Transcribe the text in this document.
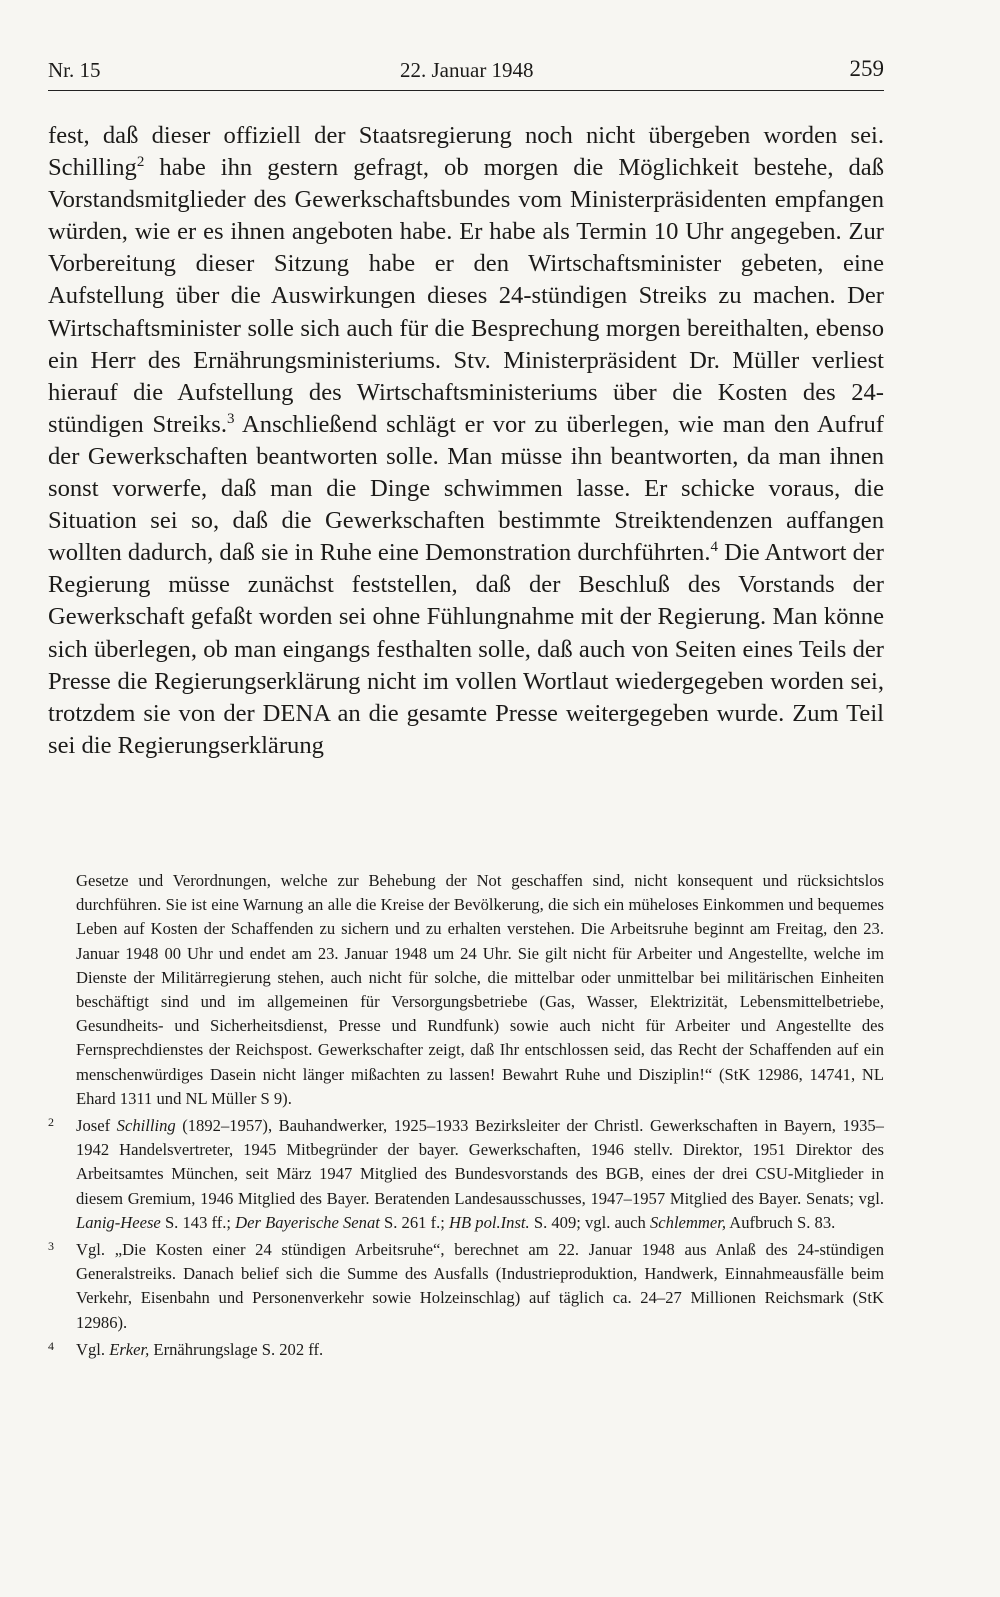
Nr. 15	22. Januar 1948	259

fest, daß dieser offiziell der Staatsregierung noch nicht übergeben worden sei. Schilling$^2$ habe ihn gestern gefragt, ob morgen die Möglichkeit bestehe, daß Vorstandsmitglieder des Gewerkschaftsbundes vom Ministerpräsidenten empfangen würden, wie er es ihnen angeboten habe. Er habe als Termin 10 Uhr angegeben. Zur Vorbereitung dieser Sitzung habe er den Wirtschaftsminister gebeten, eine Aufstellung über die Auswirkungen dieses 24-stündigen Streiks zu machen. Der Wirtschaftsminister solle sich auch für die Besprechung morgen bereithalten, ebenso ein Herr des Ernährungsministeriums. Stv. Ministerpräsident Dr. Müller verliest hierauf die Aufstellung des Wirtschaftsministeriums über die Kosten des 24-stündigen Streiks.$^3$ Anschließend schlägt er vor zu überlegen, wie man den Aufruf der Gewerkschaften beantworten solle. Man müsse ihn beantworten, da man ihnen sonst vorwerfe, daß man die Dinge schwimmen lasse. Er schicke voraus, die Situation sei so, daß die Gewerkschaften bestimmte Streiktendenzen auffangen wollten dadurch, daß sie in Ruhe eine Demonstration durchführten.$^4$ Die Antwort der Regierung müsse zunächst feststellen, daß der Beschluß des Vorstands der Gewerkschaft gefaßt worden sei ohne Fühlungnahme mit der Regierung. Man könne sich überlegen, ob man eingangs festhalten solle, daß auch von Seiten eines Teils der Presse die Regierungserklärung nicht im vollen Wortlaut wiedergegeben worden sei, trotzdem sie von der DENA an die gesamte Presse weitergegeben wurde. Zum Teil sei die Regierungserklärung

Gesetze und Verordnungen, welche zur Behebung der Not geschaffen sind, nicht konsequent und rücksichtslos durchführen. Sie ist eine Warnung an alle die Kreise der Bevölkerung, die sich ein müheloses Einkommen und bequemes Leben auf Kosten der Schaffenden zu sichern und zu erhalten verstehen. Die Arbeitsruhe beginnt am Freitag, den 23. Januar 1948 00 Uhr und endet am 23. Januar 1948 um 24 Uhr. Sie gilt nicht für Arbeiter und Angestellte, welche im Dienste der Militärregierung stehen, auch nicht für solche, die mittelbar oder unmittelbar bei militärischen Einheiten beschäftigt sind und im allgemeinen für Versorgungsbetriebe (Gas, Wasser, Elektrizität, Lebensmittelbetriebe, Gesundheits- und Sicherheitsdienst, Presse und Rundfunk) sowie auch nicht für Arbeiter und Angestellte des Fernsprechdienstes der Reichspost. Gewerkschafter zeigt, daß Ihr entschlossen seid, das Recht der Schaffenden auf ein menschenwürdiges Dasein nicht länger mißachten zu lassen! Bewahrt Ruhe und Disziplin!“ (StK 12986, 14741, NL Ehard 1311 und NL Müller S 9).

2 Josef Schilling (1892–1957), Bauhandwerker, 1925–1933 Bezirksleiter der Christl. Gewerkschaften in Bayern, 1935–1942 Handelsvertreter, 1945 Mitbegründer der bayer. Gewerkschaften, 1946 stellv. Direktor, 1951 Direktor des Arbeitsamtes München, seit März 1947 Mitglied des Bundesvorstands des BGB, eines der drei CSU-Mitglieder in diesem Gremium, 1946 Mitglied des Bayer. Beratenden Landesausschusses, 1947–1957 Mitglied des Bayer. Senats; vgl. Lanig-Heese S. 143 ff.; Der Bayerische Senat S. 261 f.; HB pol.Inst. S. 409; vgl. auch Schlemmer, Aufbruch S. 83.

3 Vgl. „Die Kosten einer 24 stündigen Arbeitsruhe“, berechnet am 22. Januar 1948 aus Anlaß des 24-stündigen Generalstreiks. Danach belief sich die Summe des Ausfalls (Industrieproduktion, Handwerk, Einnahmeausfälle beim Verkehr, Eisenbahn und Personenverkehr sowie Holzeinschlag) auf täglich ca. 24–27 Millionen Reichsmark (StK 12986).

4 Vgl. Erker, Ernährungslage S. 202 ff.
